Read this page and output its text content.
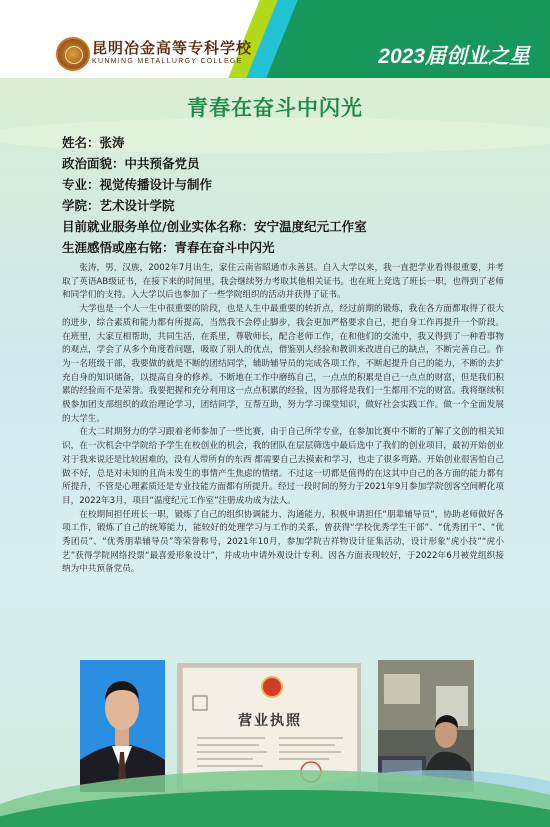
昆明冶金高等专科学校
KUNMING METALLURGY COLLEGE	2023届创业之星
青春在奋斗中闪光
姓名：张涛
政治面貌：中共预备党员
专业：视觉传播设计与制作
学院：艺术设计学院
目前就业服务单位/创业实体名称：安宁温度纪元工作室
生涯感悟或座右铭：青春在奋斗中闪光

张涛，男，汉族，2002年7月出生，家住云南省昭通市永善县。自入大学以来，我一直把学业看得很重要，并考取了英语AB级证书，在接下来的时间里，我会继续努力考取其他相关证书。也在班上竞选了班长一职，也得到了老师和同学们的支持。入大学以后也参加了一些学院组织的活动并获得了证书。

大学也是一个人一生中很重要的阶段，也是人生中最重要的转折点，经过前期的锻炼，我在各方面都取得了很大的进步，综合素质和能力都有所提高，当然我不会停止脚步，我会更加严格要求自己，把自身工作再提升一个阶段。在班里，大家互相帮助，共同生活，在系里，尊敬师长，配合老师工作，在和他们的交流中，我又得到了一种看事物的观点，学会了从多个角度看问题，吸取了别人的优点，借鉴别人经验和教训来改进自己的缺点，不断完善自己。作为一名班级干部，我要做的就是不断的团结同学，辅助辅导员的完成各项工作，不断起提升自己的能力，不断的去扩充自身的知识储备，以提高自身的修养。不断地在工作中磨练自己，一点点的积累是自己一点点的财富，但是我们积累的经验而不是荣誉。我要把握和充分利用这一点点积累的经验，因为那将是我们一生都用不完的财富。我将继续积极参加团支部组织的政治理论学习，团结同学，互帮互助，努力学习课堂知识，做好社会实践工作。做一个全面发展的大学生。

在大二时期努力的学习跟着老师参加了一些比赛，由于自己所学专业，在参加比赛中不断的了解了文创的相关知识，在一次机会中学院给予学生在校创业的机会，我的团队在层层筛选中最后选中了我们的创业项目，最初开始创业对于我来说还是比较困难的，没有人带所有的东西 都需要自己去摸索和学习，也走了很多弯路。开始创业很害怕自己做不好，总是对未知的且尚未发生的事情产生焦虑的情绪。不过这一切都是值得的在这其中自己的各方面的能力都有所提升，不管是心理素质还是专业技能方面都有所提升。经过一段时间的努力于2021年9月参加学院创客空间孵化项目，2022年3月，项目“温度纪元工作室”注册成功成为法人。

在校期间担任班长一职，锻炼了自己的组织协调能力、沟通能力，积极申请担任“朋辈辅导员”，协助老师做好各项工作，锻炼了自己的统筹能力，能较好的处理学习与工作的关系，曾获得“学校优秀学生干部”、“优秀团干”、“优秀团员”、“优秀朋辈辅导员”等荣誉称号，2021年10月，参加学院吉祥物设计征集活动，设计形象“虎小技”“虎小艺”获得学院网络投票“最喜爱形象设计”，并成功申请外观设计专利。因各方面表现较好，于2022年6月被党组织接纳为中共预备党员。

营业执照
